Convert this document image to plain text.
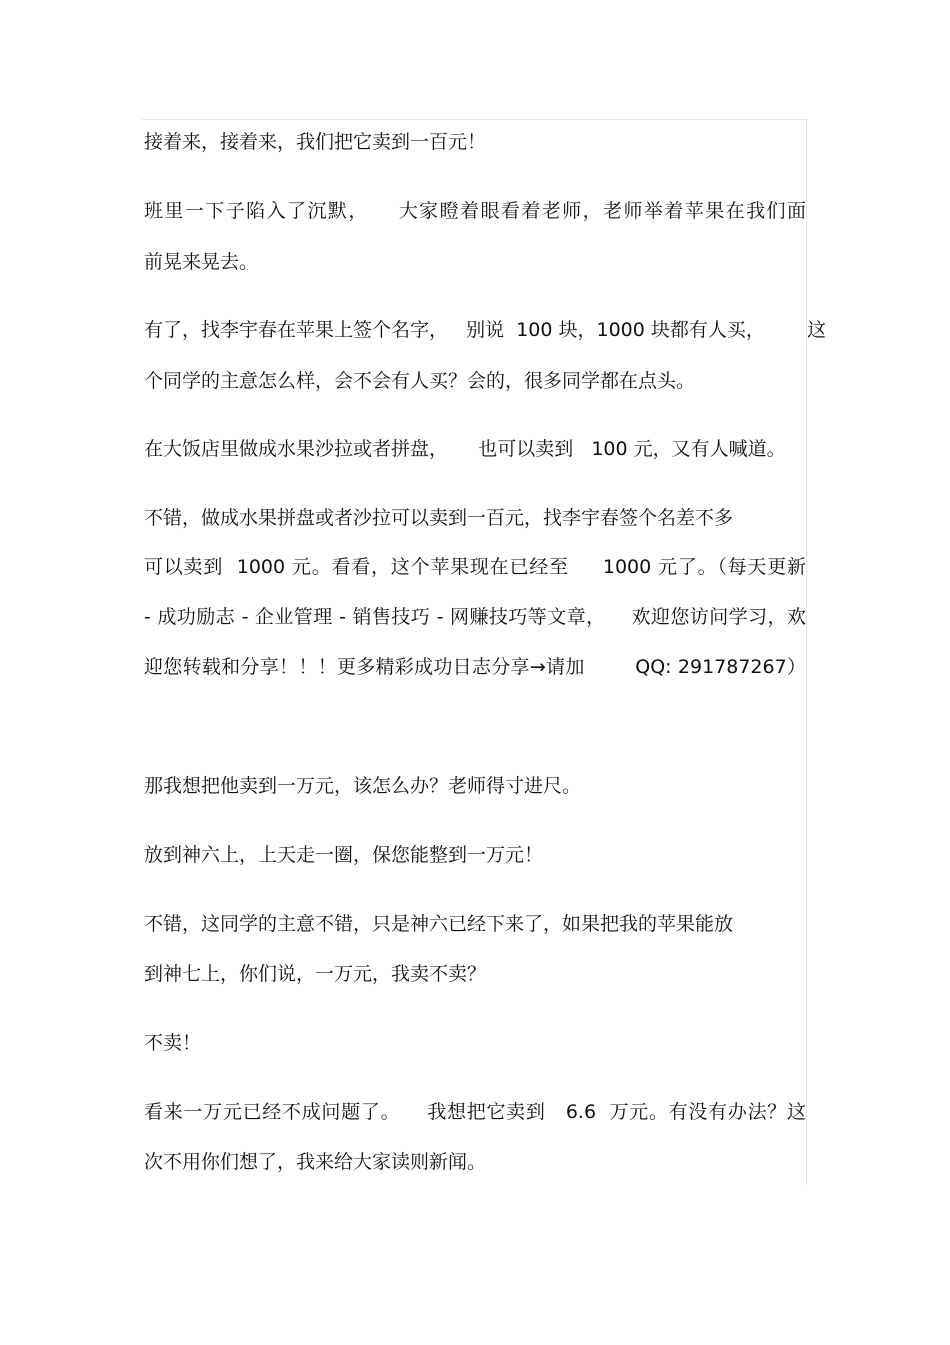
接着来，接着来，我们把它卖到一百元！

班里一下子陷入了沉默，    大家瞪着眼看着老师，老师举着苹果在我们面

前晃来晃去。

有了，找李宇春在苹果上签个名字，   别说  100 块，1000 块都有人买，       这

个同学的主意怎么样，会不会有人买？会的，很多同学都在点头。

在大饭店里做成水果沙拉或者拼盘，     也可以卖到   100 元，又有人喊道。

不错，做成水果拼盘或者沙拉可以卖到一百元，找李宇春签个名差不多

可以卖到  1000 元。看看，这个苹果现在已经至     1000 元了。（每天更新

- 成功励志 - 企业管理 - 销售技巧 - 网赚技巧等文章，    欢迎您访问学习，欢

迎您转载和分享！！！更多精彩成功日志分享→请加        QQ: 291787267）

那我想把他卖到一万元，该怎么办？老师得寸进尺。

放到神六上，上天走一圈，保您能整到一万元！

不错，这同学的主意不错，只是神六已经下来了，如果把我的苹果能放

到神七上，你们说，一万元，我卖不卖？

不卖！

看来一万元已经不成问题了。    我想把它卖到   6.6  万元。有没有办法？这

次不用你们想了，我来给大家读则新闻。
